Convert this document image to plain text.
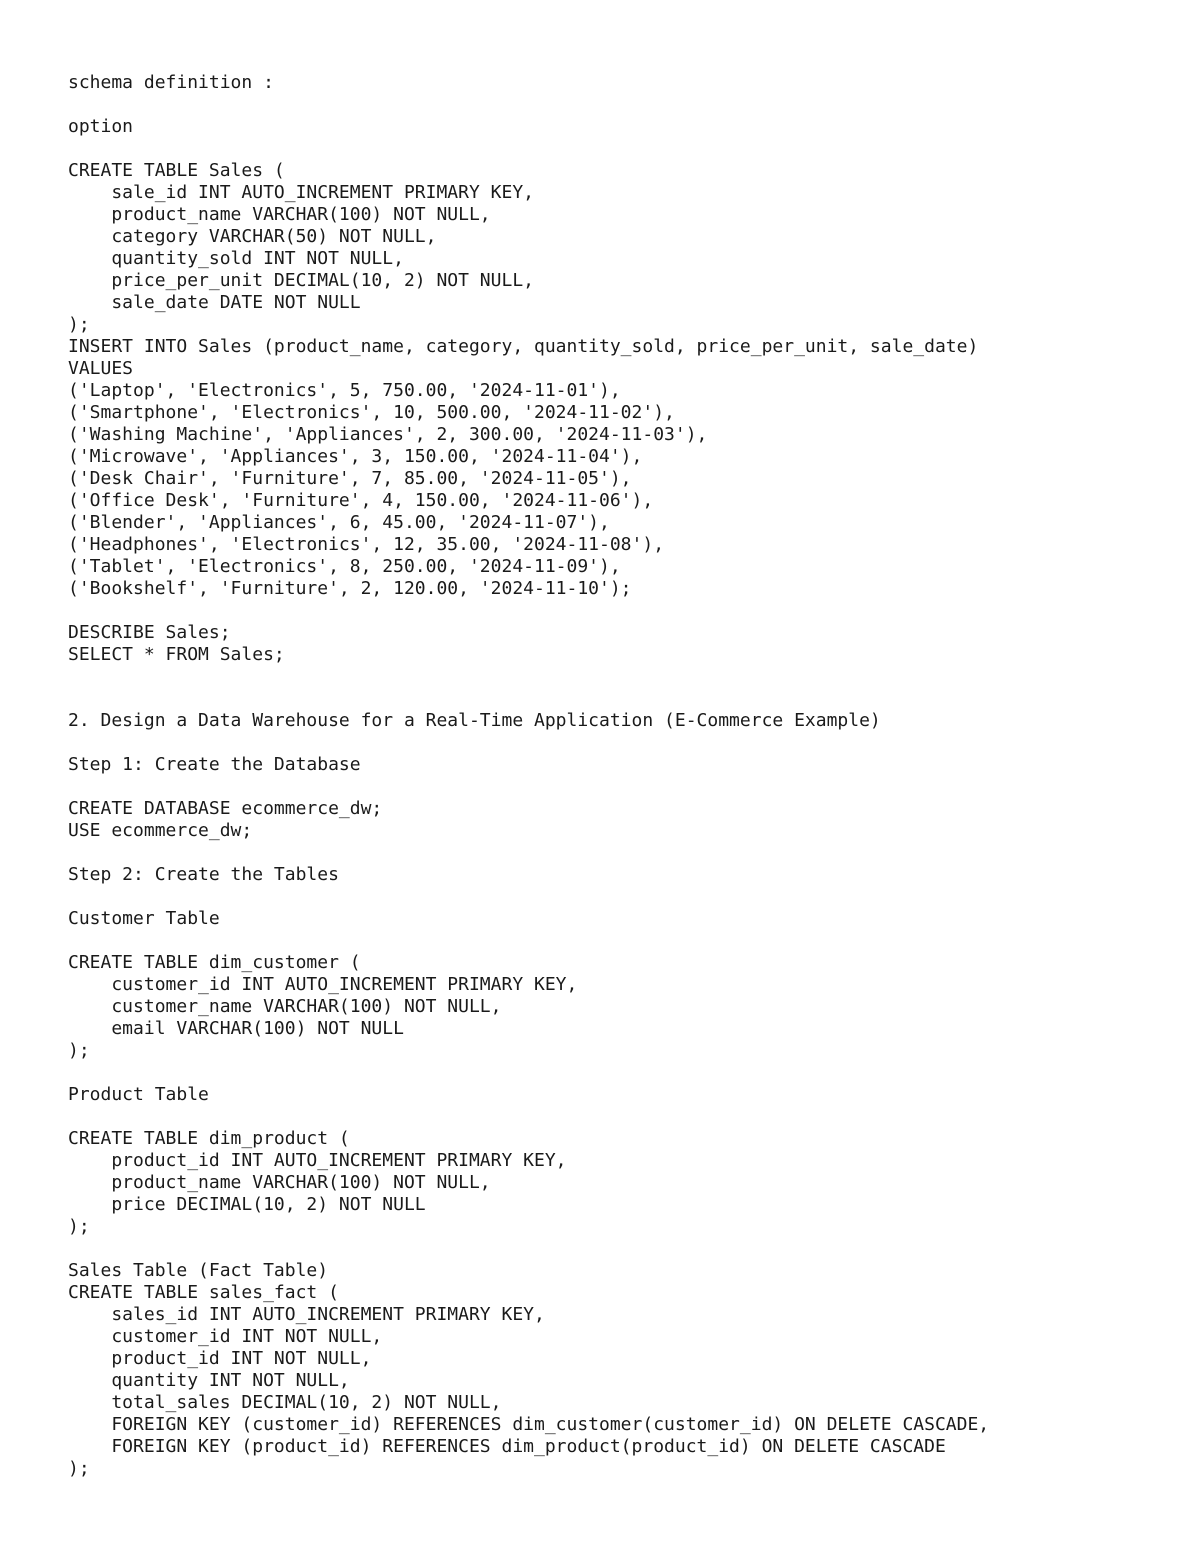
schema definition :
option
CREATE TABLE Sales (
sale_id INT AUTO_INCREMENT PRIMARY KEY,
product_name VARCHAR(100) NOT NULL,
category VARCHAR(50) NOT NULL,
quantity_sold INT NOT NULL,
price_per_unit DECIMAL(10, 2) NOT NULL,
sale_date DATE NOT NULL
);
INSERT INTO Sales (product_name, category, quantity_sold, price_per_unit, sale_date)
VALUES
('Laptop', 'Electronics', 5, 750.00, '2024-11-01'),
('Smartphone', 'Electronics', 10, 500.00, '2024-11-02'),
('Washing Machine', 'Appliances', 2, 300.00, '2024-11-03'),
('Microwave', 'Appliances', 3, 150.00, '2024-11-04'),
('Desk Chair', 'Furniture', 7, 85.00, '2024-11-05'),
('Office Desk', 'Furniture', 4, 150.00, '2024-11-06'),
('Blender', 'Appliances', 6, 45.00, '2024-11-07'),
('Headphones', 'Electronics', 12, 35.00, '2024-11-08'),
('Tablet', 'Electronics', 8, 250.00, '2024-11-09'),
('Bookshelf', 'Furniture', 2, 120.00, '2024-11-10');
DESCRIBE Sales;
SELECT * FROM Sales;
2. Design a Data Warehouse for a Real-Time Application (E-Commerce Example)
Step 1: Create the Database
CREATE DATABASE ecommerce_dw;
USE ecommerce_dw;
Step 2: Create the Tables
Customer Table
CREATE TABLE dim_customer (
customer_id INT AUTO_INCREMENT PRIMARY KEY,
customer_name VARCHAR(100) NOT NULL,
email VARCHAR(100) NOT NULL
);
Product Table
CREATE TABLE dim_product (
product_id INT AUTO_INCREMENT PRIMARY KEY,
product_name VARCHAR(100) NOT NULL,
price DECIMAL(10, 2) NOT NULL
);
Sales Table (Fact Table)
CREATE TABLE sales_fact (
sales_id INT AUTO_INCREMENT PRIMARY KEY,
customer_id INT NOT NULL,
product_id INT NOT NULL,
quantity INT NOT NULL,
total_sales DECIMAL(10, 2) NOT NULL,
FOREIGN KEY (customer_id) REFERENCES dim_customer(customer_id) ON DELETE CASCADE,
FOREIGN KEY (product_id) REFERENCES dim_product(product_id) ON DELETE CASCADE
);
